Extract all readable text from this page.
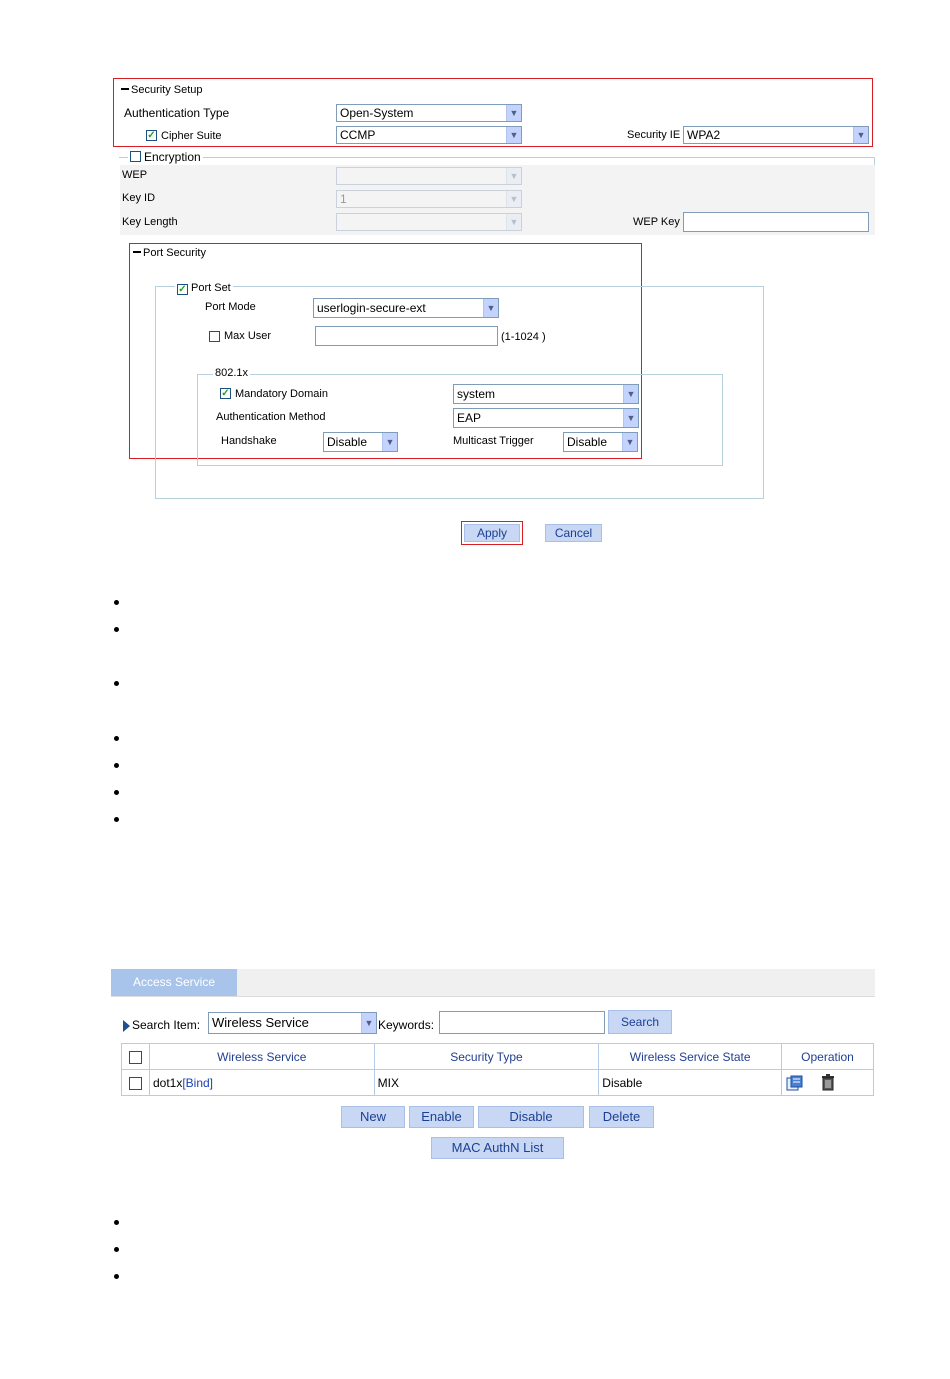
Security Setup
Authentication Type	Open-System	▼
✓ Cipher Suite	CCMP	▼	Security IE WPA2	▼
Encryption
WEP	▼
Key ID	1	▼
Key Length	▼	WEP Key
Port Security
✓ Port Set
Port Mode	userlogin-secure-ext	▼
Max User	(1-1024 )
802.1x
✓ Mandatory Domain	system	▼
Authentication Method	EAP	▼
Handshake	Disable	▼	Multicast Trigger	Disable	▼
Apply	Cancel
Access Service
Search Item: Wireless Service	▼ Keywords:	Search
	Wireless Service	Security Type	Wireless Service State	Operation
	dot1x[Bind]	MIX	Disable	
New	Enable	Disable	Delete
MAC AuthN List
